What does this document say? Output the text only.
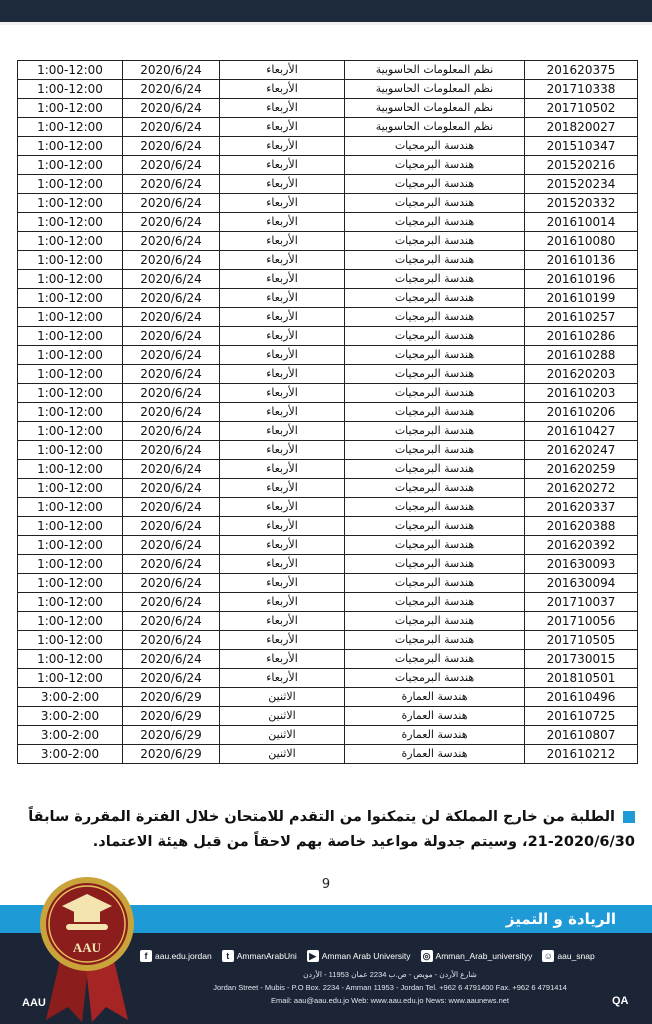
1:00-12:00	2020/6/24	الأربعاء	نظم المعلومات الحاسوبية	201620375
1:00-12:00	2020/6/24	الأربعاء	نظم المعلومات الحاسوبية	201710338
1:00-12:00	2020/6/24	الأربعاء	نظم المعلومات الحاسوبية	201710502
1:00-12:00	2020/6/24	الأربعاء	نظم المعلومات الحاسوبية	201820027
1:00-12:00	2020/6/24	الأربعاء	هندسة البرمجيات	201510347
1:00-12:00	2020/6/24	الأربعاء	هندسة البرمجيات	201520216
1:00-12:00	2020/6/24	الأربعاء	هندسة البرمجيات	201520234
1:00-12:00	2020/6/24	الأربعاء	هندسة البرمجيات	201520332
1:00-12:00	2020/6/24	الأربعاء	هندسة البرمجيات	201610014
1:00-12:00	2020/6/24	الأربعاء	هندسة البرمجيات	201610080
1:00-12:00	2020/6/24	الأربعاء	هندسة البرمجيات	201610136
1:00-12:00	2020/6/24	الأربعاء	هندسة البرمجيات	201610196
1:00-12:00	2020/6/24	الأربعاء	هندسة البرمجيات	201610199
1:00-12:00	2020/6/24	الأربعاء	هندسة البرمجيات	201610257
1:00-12:00	2020/6/24	الأربعاء	هندسة البرمجيات	201610286
1:00-12:00	2020/6/24	الأربعاء	هندسة البرمجيات	201610288
1:00-12:00	2020/6/24	الأربعاء	هندسة البرمجيات	201620203
1:00-12:00	2020/6/24	الأربعاء	هندسة البرمجيات	201610203
1:00-12:00	2020/6/24	الأربعاء	هندسة البرمجيات	201610206
1:00-12:00	2020/6/24	الأربعاء	هندسة البرمجيات	201610427
1:00-12:00	2020/6/24	الأربعاء	هندسة البرمجيات	201620247
1:00-12:00	2020/6/24	الأربعاء	هندسة البرمجيات	201620259
1:00-12:00	2020/6/24	الأربعاء	هندسة البرمجيات	201620272
1:00-12:00	2020/6/24	الأربعاء	هندسة البرمجيات	201620337
1:00-12:00	2020/6/24	الأربعاء	هندسة البرمجيات	201620388
1:00-12:00	2020/6/24	الأربعاء	هندسة البرمجيات	201620392
1:00-12:00	2020/6/24	الأربعاء	هندسة البرمجيات	201630093
1:00-12:00	2020/6/24	الأربعاء	هندسة البرمجيات	201630094
1:00-12:00	2020/6/24	الأربعاء	هندسة البرمجيات	201710037
1:00-12:00	2020/6/24	الأربعاء	هندسة البرمجيات	201710056
1:00-12:00	2020/6/24	الأربعاء	هندسة البرمجيات	201710505
1:00-12:00	2020/6/24	الأربعاء	هندسة البرمجيات	201730015
1:00-12:00	2020/6/24	الأربعاء	هندسة البرمجيات	201810501
3:00-2:00	2020/6/29	الاثنين	هندسة العمارة	201610496
3:00-2:00	2020/6/29	الاثنين	هندسة العمارة	201610725
3:00-2:00	2020/6/29	الاثنين	هندسة العمارة	201610807
3:00-2:00	2020/6/29	الاثنين	هندسة العمارة	201610212
الطلبة من خارج المملكة لن يتمكنوا من التقدم للامتحان خلال الفترة المقررة سابقاً
21-2020/6/30، وسيتم جدولة مواعيد خاصة بهم لاحقاً من قبل هيئة الاعتماد.
9
الريادة و التميز
AAU
f aau.edu.jordan	t AmmanArabUni ▶ Amman Arab University ◎ Amman_Arab_universityy ☺ aau_snap
شارع الأردن - مويص - ص.ب 2234 عمان 11953 - الأردن
Jordan Street - Mubis - P.O Box. 2234 - Amman 11953 - Jordan Tel. +962 6 4791400 Fax. +962 6 4791414
Email: aau@aau.edu.jo Web: www.aau.edu.jo News: www.aaunews.net
AAU	QA
